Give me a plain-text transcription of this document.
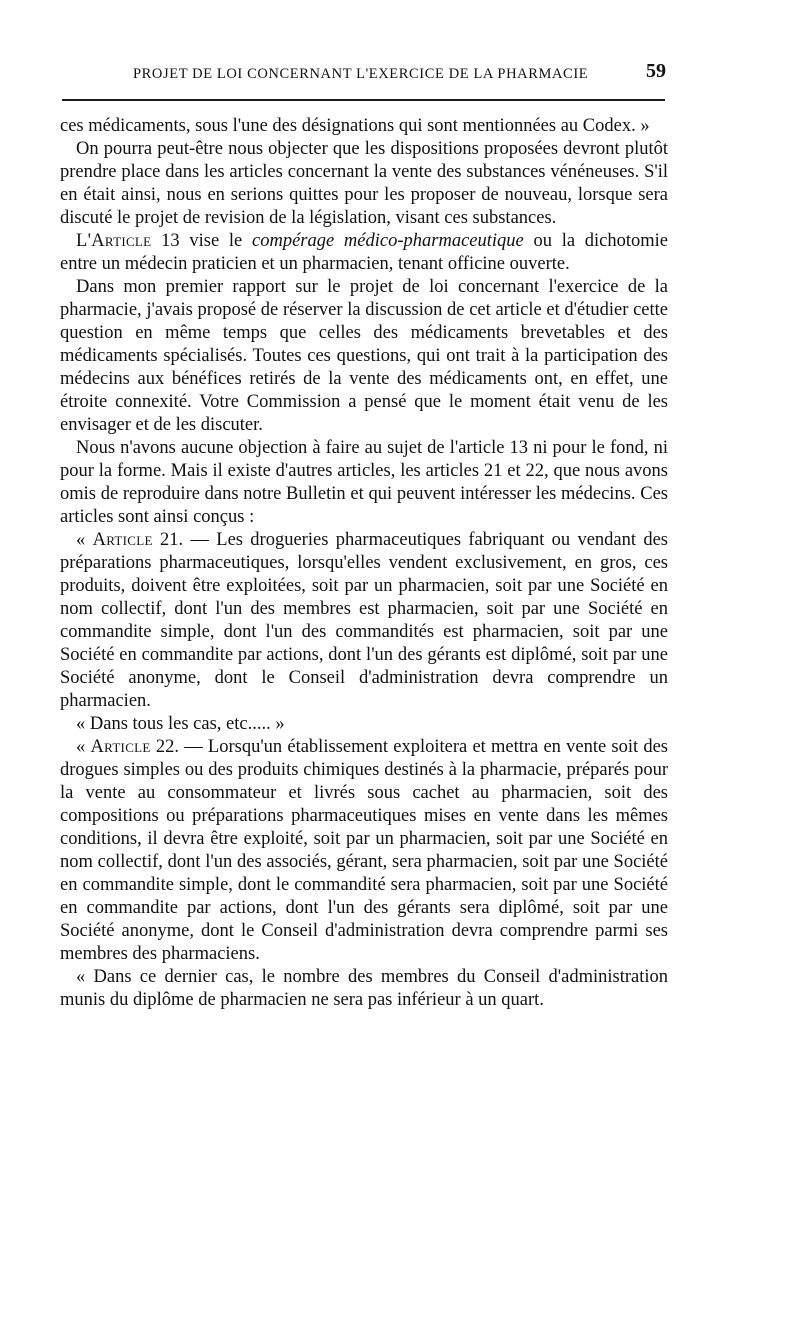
PROJET DE LOI CONCERNANT L'EXERCICE DE LA PHARMACIE	59

ces médicaments, sous l'une des désignations qui sont mentionnées au Codex. »

On pourra peut-être nous objecter que les dispositions proposées devront plutôt prendre place dans les articles concernant la vente des substances vénéneuses. S'il en était ainsi, nous en serions quittes pour les proposer de nouveau, lorsque sera discuté le projet de revision de la législation, visant ces substances.

L'Article 13 vise le compérage médico-pharmaceutique ou la dichotomie entre un médecin praticien et un pharmacien, tenant officine ouverte.

Dans mon premier rapport sur le projet de loi concernant l'exercice de la pharmacie, j'avais proposé de réserver la discussion de cet article et d'étudier cette question en même temps que celles des médicaments brevetables et des médicaments spécialisés. Toutes ces questions, qui ont trait à la participation des médecins aux bénéfices retirés de la vente des médicaments ont, en effet, une étroite connexité. Votre Commission a pensé que le moment était venu de les envisager et de les discuter.

Nous n'avons aucune objection à faire au sujet de l'article 13 ni pour le fond, ni pour la forme. Mais il existe d'autres articles, les articles 21 et 22, que nous avons omis de reproduire dans notre Bulletin et qui peuvent intéresser les médecins. Ces articles sont ainsi conçus :

« Article 21. — Les drogueries pharmaceutiques fabriquant ou vendant des préparations pharmaceutiques, lorsqu'elles vendent exclusivement, en gros, ces produits, doivent être exploitées, soit par un pharmacien, soit par une Société en nom collectif, dont l'un des membres est pharmacien, soit par une Société en commandite simple, dont l'un des commandités est pharmacien, soit par une Société en commandite par actions, dont l'un des gérants est diplômé, soit par une Société anonyme, dont le Conseil d'administration devra comprendre un pharmacien.

« Dans tous les cas, etc..... »

« Article 22. — Lorsqu'un établissement exploitera et mettra en vente soit des drogues simples ou des produits chimiques destinés à la pharmacie, préparés pour la vente au consommateur et livrés sous cachet au pharmacien, soit des compositions ou préparations pharmaceutiques mises en vente dans les mêmes conditions, il devra être exploité, soit par un pharmacien, soit par une Société en nom collectif, dont l'un des associés, gérant, sera pharmacien, soit par une Société en commandite simple, dont le commandité sera pharmacien, soit par une Société en commandite par actions, dont l'un des gérants sera diplômé, soit par une Société anonyme, dont le Conseil d'administration devra comprendre parmi ses membres des pharmaciens.

« Dans ce dernier cas, le nombre des membres du Conseil d'administration munis du diplôme de pharmacien ne sera pas inférieur à un quart.
